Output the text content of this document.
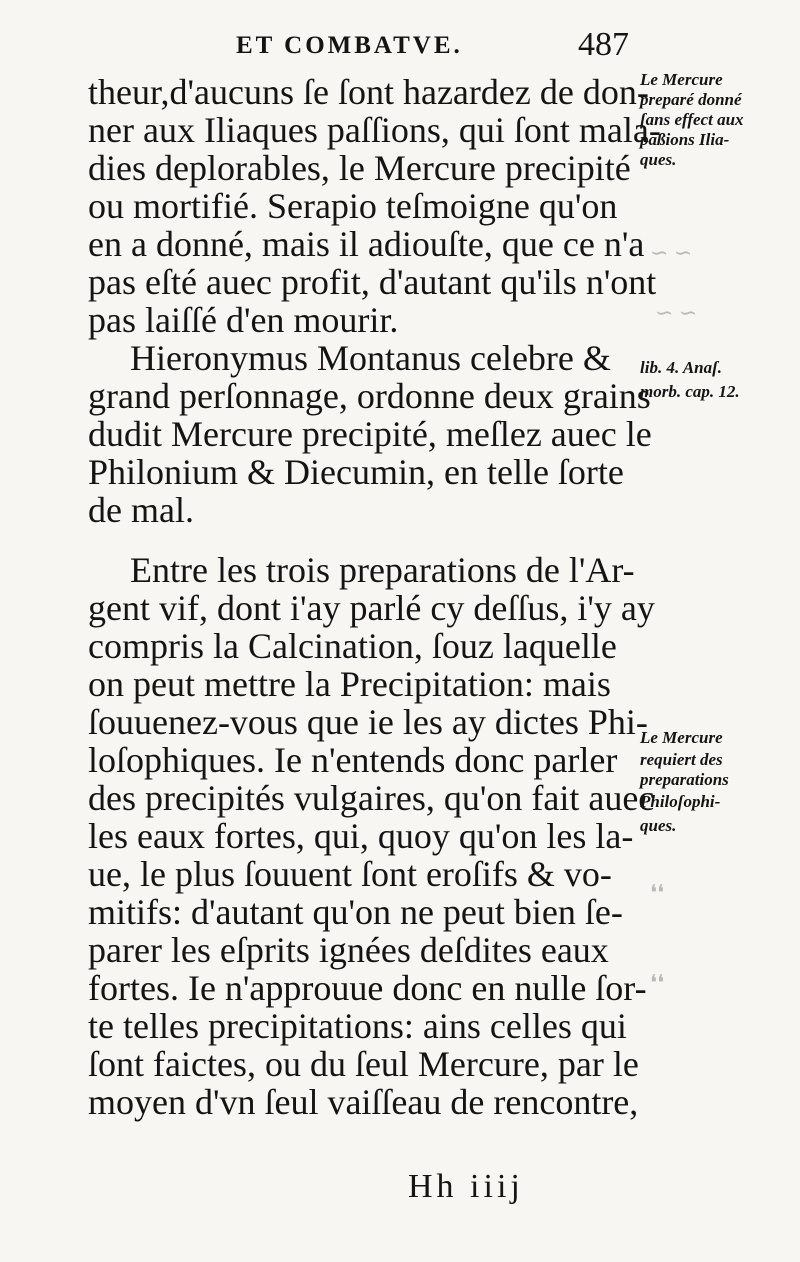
ET COMBATVE.	487
theur,d'aucuns ſe ſont hazardez de don-
ner aux Iliaques paſſions, qui ſont mala-
dies deplorables, le Mercure precipité
ou mortifié. Serapio teſmoigne qu'on
en a donné, mais il adiouſte, que ce n'a
pas eſté auec profit, d'autant qu'ils n'ont
pas laiſſé d'en mourir.
Hieronymus Montanus celebre &
grand perſonnage, ordonne deux grains
dudit Mercure precipité, meſlez auec le
Philonium & Diecumin, en telle ſorte
de mal.
Entre les trois preparations de l'Ar-
gent vif, dont i'ay parlé cy deſſus, i'y ay
compris la Calcination, ſouz laquelle
on peut mettre la Precipitation: mais
ſouuenez-vous que ie les ay dictes Phi-
loſophiques. Ie n'entends donc parler
des precipités vulgaires, qu'on fait auec
les eaux fortes, qui, quoy qu'on les la-
ue, le plus ſouuent ſont eroſifs & vo-
mitifs: d'autant qu'on ne peut bien ſe-
parer les eſprits ignées deſdites eaux
fortes. Ie n'approuue donc en nulle ſor-
te telles precipitations: ains celles qui
ſont faictes, ou du ſeul Mercure, par le
moyen d'vn ſeul vaiſſeau de rencontre,
Le Mercure
preparé donné
ſans effect aux
paßions Ilia-
ques.
lib. 4. Anaſ.
morb. cap. 12.
Le Mercure
requiert des
preparations
Philoſophi-
ques.
∽ ∽
∽ ∽
❛❛
❛❛
Hh iiij
